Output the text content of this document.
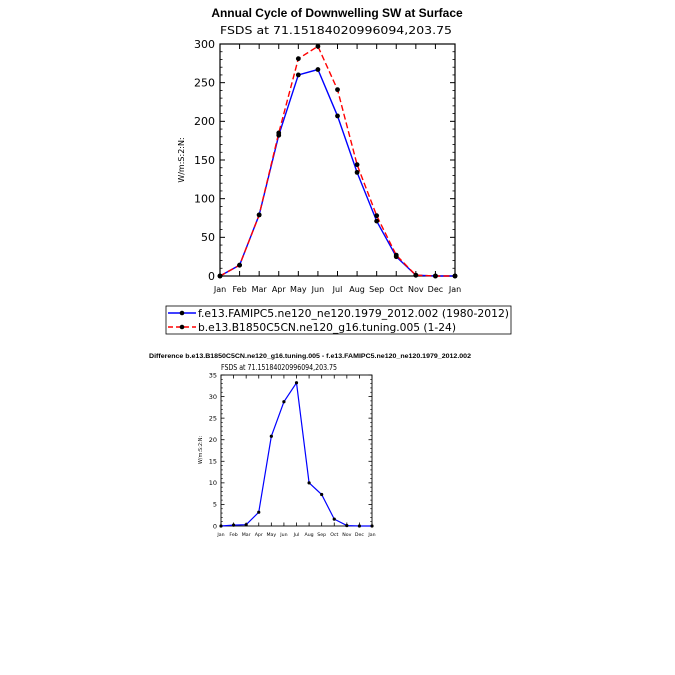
Annual Cycle of Downwelling SW at Surface
FSDS at 71.15184020996094,203.75
W/m:S:2:N:
0
50
100
150
200
250
300
Jan Feb Mar Apr May Jun Jul Aug Sep Oct Nov Dec Jan
f.e13.FAMIPC5.ne120_ne120.1979_2012.002 (1980-2012)
b.e13.B1850C5CN.ne120_g16.tuning.005 (1-24)
Difference b.e13.B1850C5CN.ne120_g16.tuning.005 - f.e13.FAMIPC5.ne120_ne120.1979_2012.002
FSDS at 71.15184020996094,203.75
W/m:S:2:N:
0
5
10
15
20
25
30
35
Jan Feb Mar Apr May Jun Jul Aug Sep Oct Nov Dec Jan
